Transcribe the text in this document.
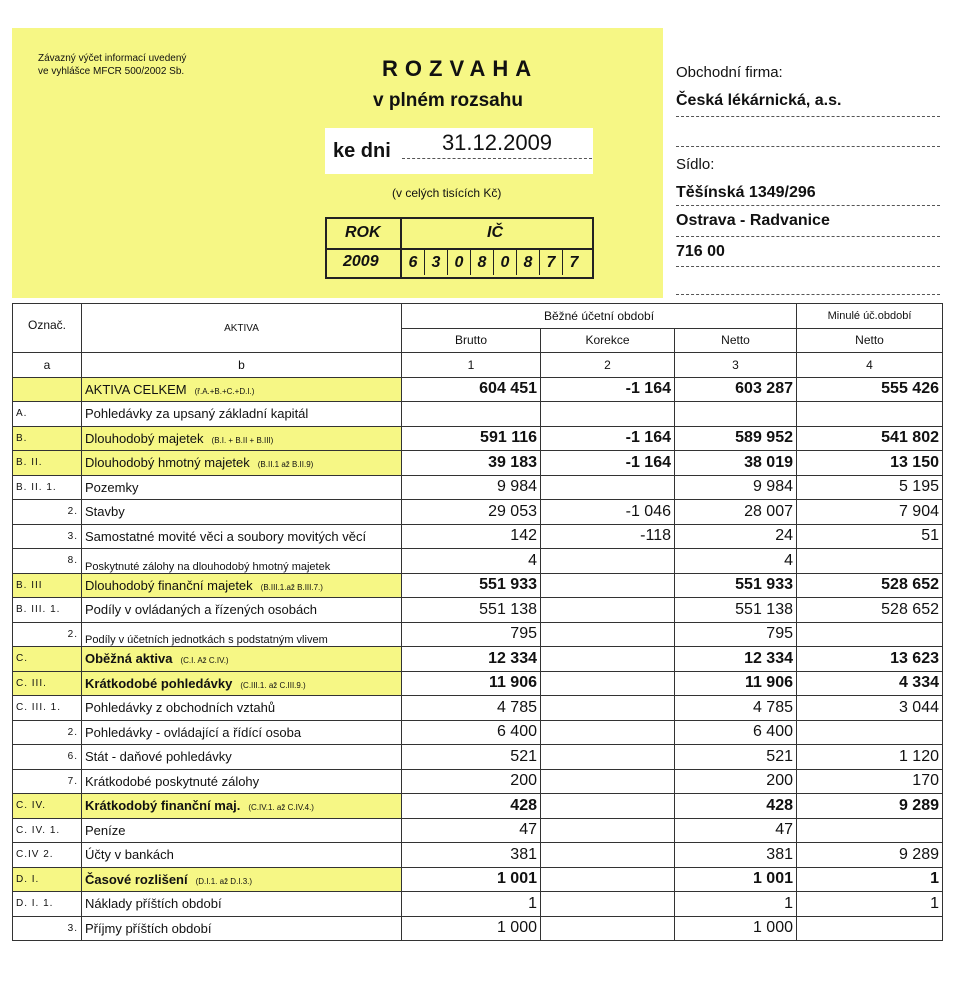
Závazný výčet informací uvedený
ve vyhlášce MFCR 500/2002 Sb.	ROZVAHA
v plném rozsahu
ke dni	31.12.2009
(v celých tisících Kč)
ROK	IČ
2009	6 3 0 8 0 8 7 7
Obchodní firma:
Česká lékárnická, a.s.
Sídlo:
Těšínská 1349/296
Ostrava - Radvanice
716 00
Označ.	AKTIVA	Běžné účetní období			Minulé úč.období
		Brutto	Korekce	Netto	Netto
a	b	1	2	3	4
	AKTIVA CELKEM (ř.A.+B.+C.+D.I.)	604 451	-1 164	603 287	555 426
A.	Pohledávky za upsaný základní kapitál				
B.	Dlouhodobý majetek (B.I. + B.II + B.III)	591 116	-1 164	589 952	541 802
B. II.	Dlouhodobý hmotný majetek (B.II.1 až B.II.9)	39 183	-1 164	38 019	13 150
B. II. 1.	Pozemky	9 984		9 984	5 195
2.	Stavby	29 053	-1 046	28 007	7 904
3.	Samostatné movité věci a soubory movitých věcí	142	-118	24	51
8.	Poskytnuté zálohy na dlouhodobý hmotný majetek	4		4	
B. III	Dlouhodobý finanční majetek (B.III.1.až B.III.7.)	551 933		551 933	528 652
B. III. 1.	Podíly v ovládaných a řízených osobách	551 138		551 138	528 652
2.	Podíly v účetních jednotkách s podstatným vlivem	795		795	
C.	Oběžná aktiva (C.I. Až C.IV.)	12 334		12 334	13 623
C. III.	Krátkodobé pohledávky (C.III.1. až C.III.9.)	11 906		11 906	4 334
C. III. 1.	Pohledávky z obchodních vztahů	4 785		4 785	3 044
2.	Pohledávky - ovládající a řídící osoba	6 400		6 400	
6.	Stát - daňové pohledávky	521		521	1 120
7.	Krátkodobé poskytnuté zálohy	200		200	170
C. IV.	Krátkodobý finanční maj. (C.IV.1. až C.IV.4.)	428		428	9 289
C. IV. 1.	Peníze	47		47	
C.IV 2.	Účty v bankách	381		381	9 289
D. I.	Časové rozlišení (D.I.1. až D.I.3.)	1 001		1 001	1
D. I. 1.	Náklady příštích období	1		1	1
3.	Příjmy příštích období	1 000		1 000	
